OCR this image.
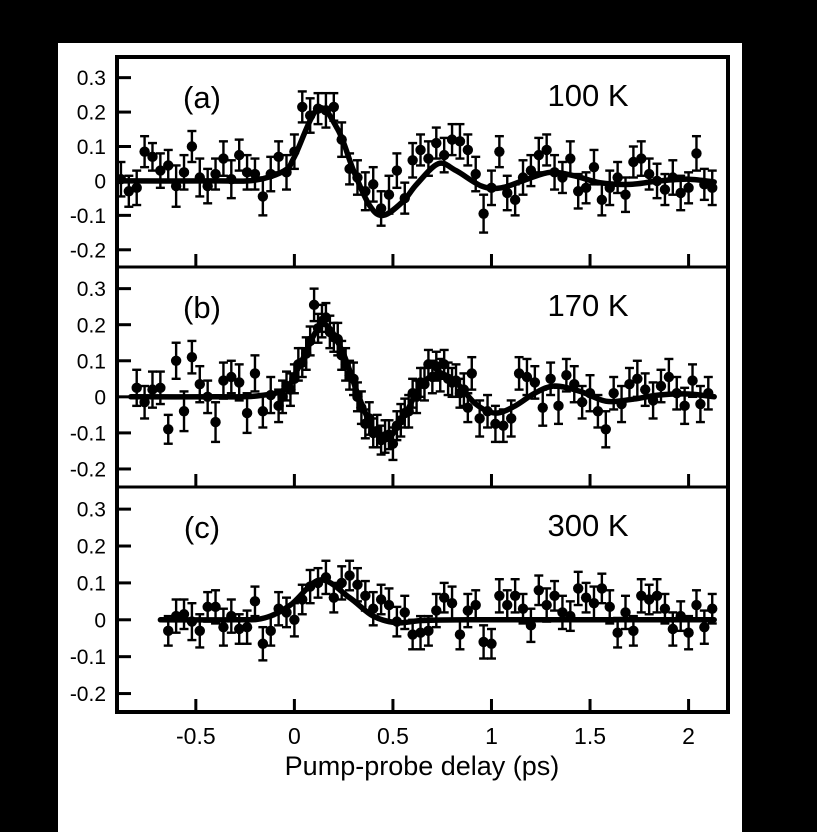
0.3
0.2
0.1
0
-0.1
-0.2
(a)	100 K
0.3
0.2
0.1
0
-0.1
-0.2
(b)	170 K
0.3
0.2
0.1
0
-0.1
-0.2
(c)	300 K
-0.5	0	0.5	1	1.5	2
Pump-probe delay (ps)
